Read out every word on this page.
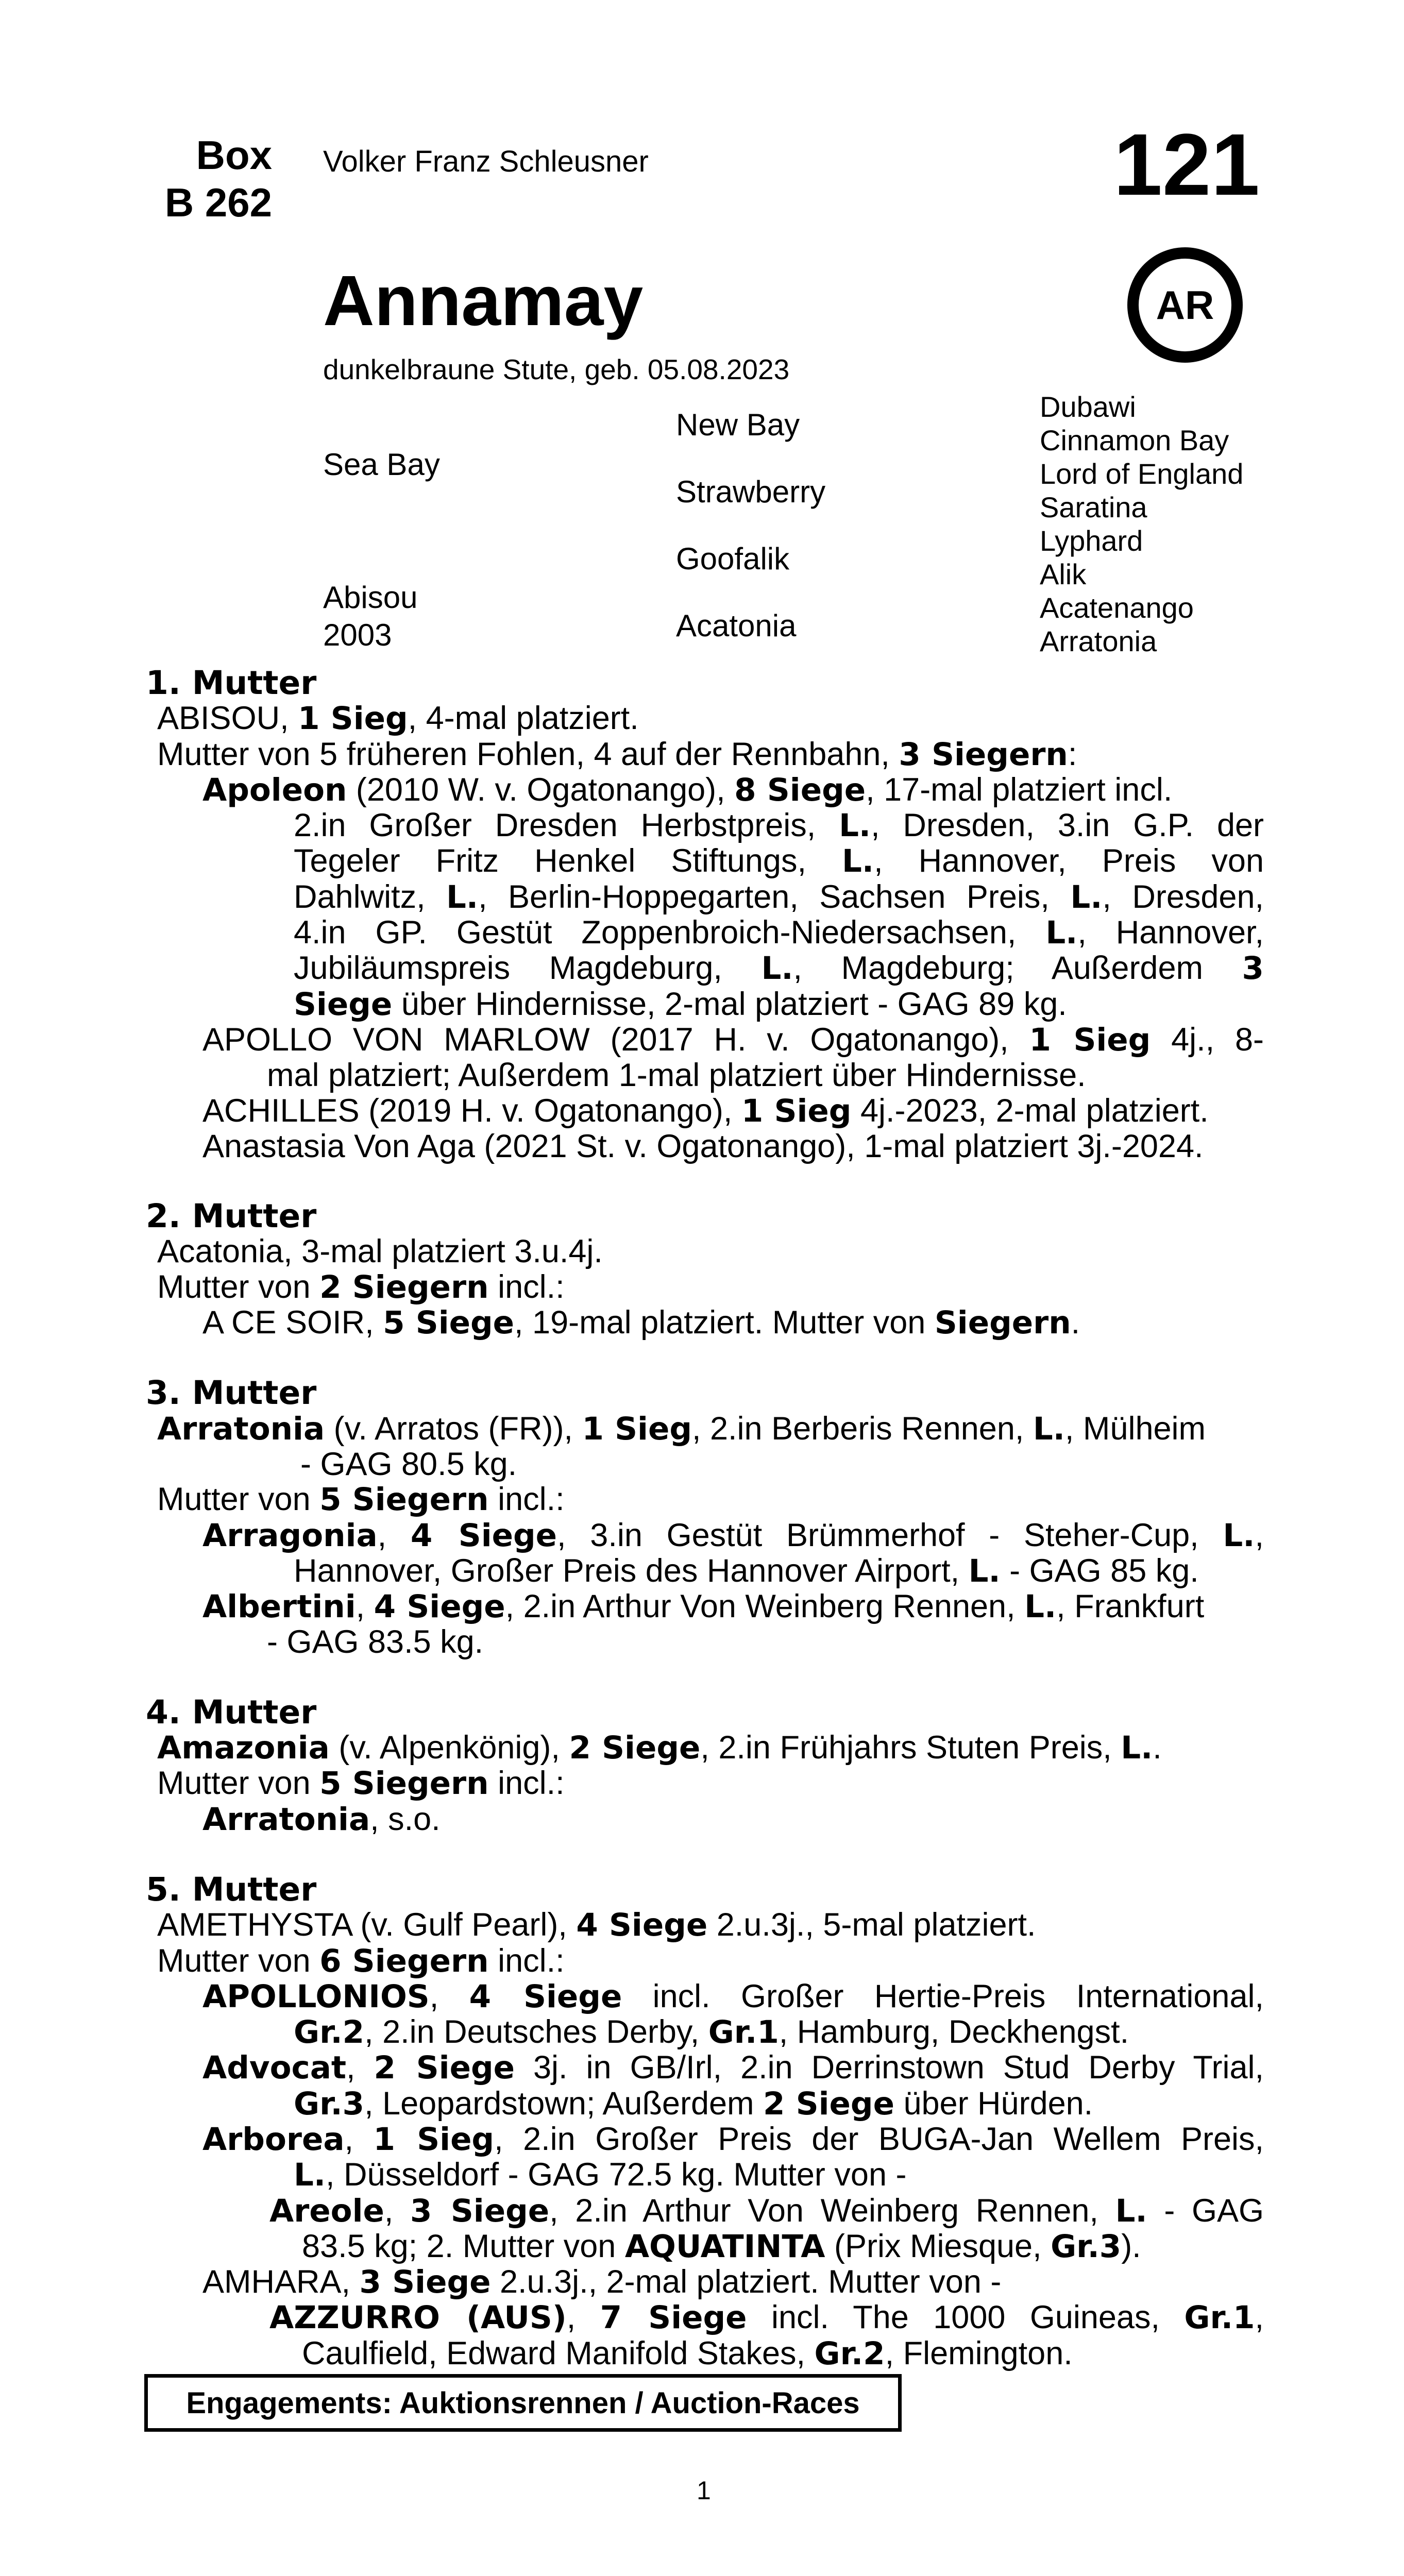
Box
B 262
Volker Franz Schleusner	121
AR
Annamay
dunkelbraune Stute, geb. 05.08.2023
Sea Bay
Abisou
2003
New Bay
Strawberry
Goofalik
Acatonia
Dubawi
Cinnamon Bay
Lord of England
Saratina
Lyphard
Alik
Acatenango
Arratonia
1. Mutter
ABISOU, 1 Sieg, 4-mal platziert.
Mutter von 5 früheren Fohlen, 4 auf der Rennbahn, 3 Siegern:
Apoleon (2010 W. v. Ogatonango), 8 Siege, 17-mal platziert incl.
2.in Großer Dresden Herbstpreis, L., Dresden, 3.in G.P. der
Tegeler Fritz Henkel Stiftungs, L., Hannover, Preis von
Dahlwitz, L., Berlin-Hoppegarten, Sachsen Preis, L., Dresden,
4.in GP. Gestüt Zoppenbroich-Niedersachsen, L., Hannover,
Jubiläumspreis Magdeburg, L., Magdeburg; Außerdem 3
Siege über Hindernisse, 2-mal platziert - GAG 89 kg.
APOLLO VON MARLOW (2017 H. v. Ogatonango), 1 Sieg 4j., 8-
mal platziert; Außerdem 1-mal platziert über Hindernisse.
ACHILLES (2019 H. v. Ogatonango), 1 Sieg 4j.-2023, 2-mal platziert.
Anastasia Von Aga (2021 St. v. Ogatonango), 1-mal platziert 3j.-2024.
2. Mutter
Acatonia, 3-mal platziert 3.u.4j.
Mutter von 2 Siegern incl.:
A CE SOIR, 5 Siege, 19-mal platziert. Mutter von Siegern.
3. Mutter
Arratonia (v. Arratos (FR)), 1 Sieg, 2.in Berberis Rennen, L., Mülheim
- GAG 80.5 kg.
Mutter von 5 Siegern incl.:
Arragonia, 4 Siege, 3.in Gestüt Brümmerhof - Steher-Cup, L.,
Hannover, Großer Preis des Hannover Airport, L. - GAG 85 kg.
Albertini, 4 Siege, 2.in Arthur Von Weinberg Rennen, L., Frankfurt
- GAG 83.5 kg.
4. Mutter
Amazonia (v. Alpenkönig), 2 Siege, 2.in Frühjahrs Stuten Preis, L..
Mutter von 5 Siegern incl.:
Arratonia, s.o.
5. Mutter
AMETHYSTA (v. Gulf Pearl), 4 Siege 2.u.3j., 5-mal platziert.
Mutter von 6 Siegern incl.:
APOLLONIOS, 4 Siege incl. Großer Hertie-Preis International,
Gr.2, 2.in Deutsches Derby, Gr.1, Hamburg, Deckhengst.
Advocat, 2 Siege 3j. in GB/Irl, 2.in Derrinstown Stud Derby Trial,
Gr.3, Leopardstown; Außerdem 2 Siege über Hürden.
Arborea, 1 Sieg, 2.in Großer Preis der BUGA-Jan Wellem Preis,
L., Düsseldorf - GAG 72.5 kg. Mutter von -
Areole, 3 Siege, 2.in Arthur Von Weinberg Rennen, L. - GAG
83.5 kg; 2. Mutter von AQUATINTA (Prix Miesque, Gr.3).
AMHARA, 3 Siege 2.u.3j., 2-mal platziert. Mutter von -
AZZURRO (AUS), 7 Siege incl. The 1000 Guineas, Gr.1,
Caulfield, Edward Manifold Stakes, Gr.2, Flemington.
Engagements: Auktionsrennen / Auction-Races
1
